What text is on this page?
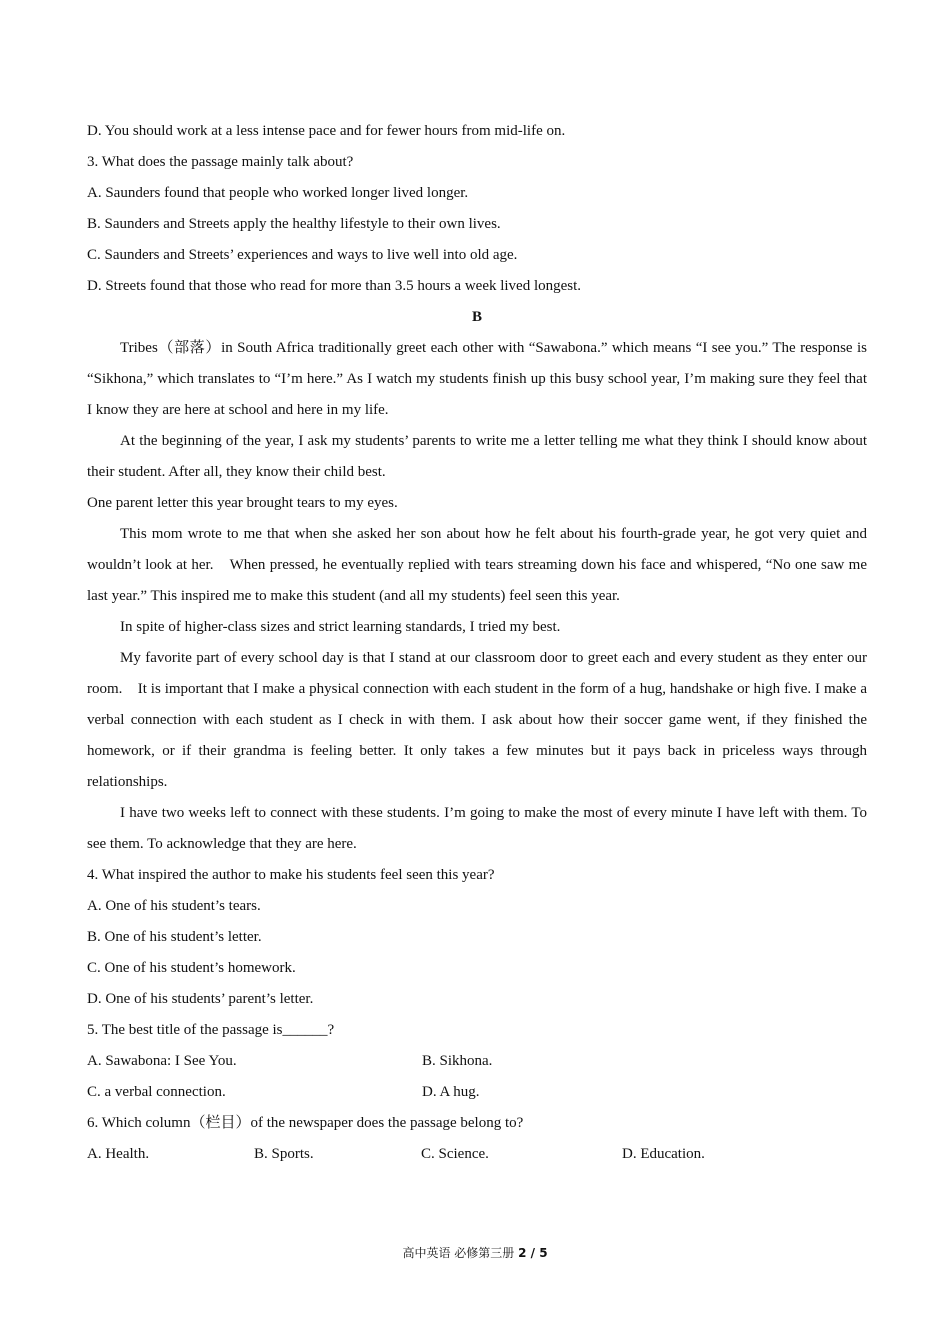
D. You should work at a less intense pace and for fewer hours from mid-life on.
3. What does the passage mainly talk about?
A. Saunders found that people who worked longer lived longer.
B. Saunders and Streets apply the healthy lifestyle to their own lives.
C. Saunders and Streets’ experiences and ways to live well into old age.
D. Streets found that those who read for more than 3.5 hours a week lived longest.
B

Tribes（部落）in South Africa traditionally greet each other with “Sawabona.” which means “I see you.” The response is “Sikhona,” which translates to “I’m here.” As I watch my students finish up this busy school year, I’m making sure they feel that I know they are here at school and here in my life.

At the beginning of the year, I ask my students’ parents to write me a letter telling me what they think I should know about their student. After all, they know their child best.

One parent letter this year brought tears to my eyes.

This mom wrote to me that when she asked her son about how he felt about his fourth-grade year, he got very quiet and wouldn’t look at her.　When pressed, he eventually replied with tears streaming down his face and whispered, “No one saw me last year.” This inspired me to make this student (and all my students) feel seen this year.

In spite of higher-class sizes and strict learning standards, I tried my best.

My favorite part of every school day is that I stand at our classroom door to greet each and every student as they enter our room.　It is important that I make a physical connection with each student in the form of a hug, handshake or high five. I make a verbal connection with each student as I check in with them. I ask about how their soccer game went, if they finished the homework, or if their grandma is feeling better. It only takes a few minutes but it pays back in priceless ways through relationships.

I have two weeks left to connect with these students. I’m going to make the most of every minute I have left with them. To see them. To acknowledge that they are here.

4. What inspired the author to make his students feel seen this year?
A. One of his student’s tears.
B. One of his student’s letter.
C. One of his student’s homework.
D. One of his students’ parent’s letter.
5. The best title of the passage is______?
A. Sawabona: I See You.	B. Sikhona.
C. a verbal connection.	D. A hug.
6. Which column（栏目）of the newspaper does the passage belong to?
A. Health.	B. Sports.	C. Science.	D. Education.
高中英语 必修第三册 2 / 5
